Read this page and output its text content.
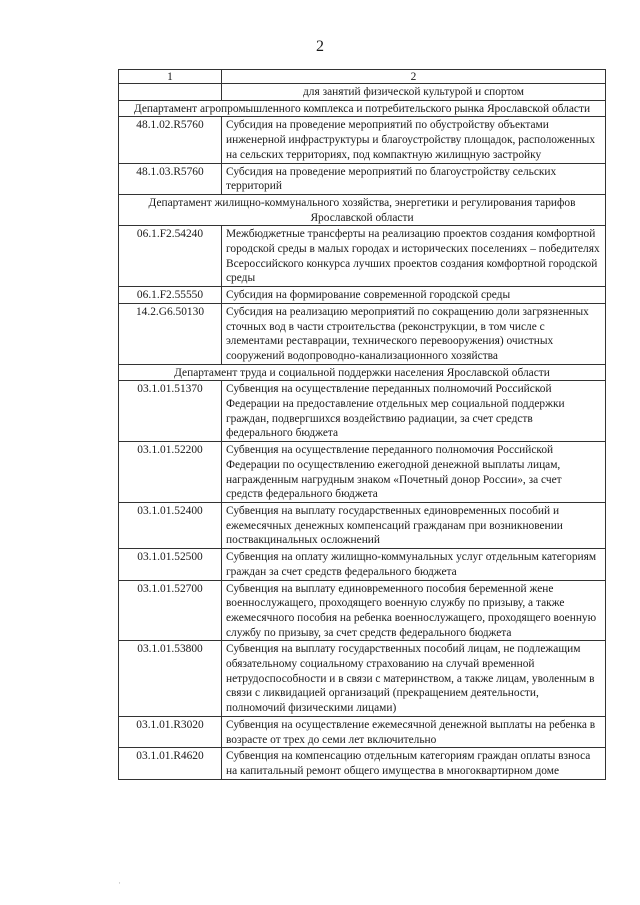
2
1	2
	для занятий физической культурой и спортом
Департамент агропромышленного комплекса и потребительского рынка Ярославской области	
48.1.02.R5760	Субсидия на проведение мероприятий по обустройству объектами инженерной инфраструктуры и благоустройству площадок, расположенных на сельских территориях, под компактную жилищную застройку
48.1.03.R5760	Субсидия на проведение мероприятий по благоустройству сельских территорий
Департамент жилищно-коммунального хозяйства, энергетики и регулирования тарифов Ярославской области	
06.1.F2.54240	Межбюджетные трансферты на реализацию проектов создания комфортной городской среды в малых городах и исторических поселениях – победителях Всероссийского конкурса лучших проектов создания комфортной городской среды
06.1.F2.55550	Субсидия на формирование современной городской среды
14.2.G6.50130	Субсидия на реализацию мероприятий по сокращению доли загрязненных сточных вод в части строительства (реконструкции, в том числе с элементами реставрации, технического перевооружения) очистных сооружений водопроводно-канализационного хозяйства
Департамент труда и социальной поддержки населения Ярославской области	
03.1.01.51370	Субвенция на осуществление переданных полномочий Российской Федерации на предоставление отдельных мер социальной поддержки граждан, подвергшихся воздействию радиации, за счет средств федерального бюджета
03.1.01.52200	Субвенция на осуществление переданного полномочия Российской Федерации по осуществлению ежегодной денежной выплаты лицам, награжденным нагрудным знаком «Почетный донор России», за счет средств федерального бюджета
03.1.01.52400	Субвенция на выплату государственных единовременных пособий и ежемесячных денежных компенсаций гражданам при возникновении поствакцинальных осложнений
03.1.01.52500	Субвенция на оплату жилищно-коммунальных услуг отдельным категориям граждан за счет средств федерального бюджета
03.1.01.52700	Субвенция на выплату единовременного пособия беременной жене военнослужащего, проходящего военную службу по призыву, а также ежемесячного пособия на ребенка военнослужащего, проходящего военную службу по призыву, за счет средств федерального бюджета
03.1.01.53800	Субвенция на выплату государственных пособий лицам, не подлежащим обязательному социальному страхованию на случай временной нетрудоспособности и в связи с материнством, а также лицам, уволенным в связи с ликвидацией организаций (прекращением деятельности, полномочий физическими лицами)
03.1.01.R3020	Субвенция на осуществление ежемесячной денежной выплаты на ребенка в возрасте от трех до семи лет включительно
03.1.01.R4620	Субвенция на компенсацию отдельным категориям граждан оплаты взноса на капитальный ремонт общего имущества в многоквартирном доме
·
